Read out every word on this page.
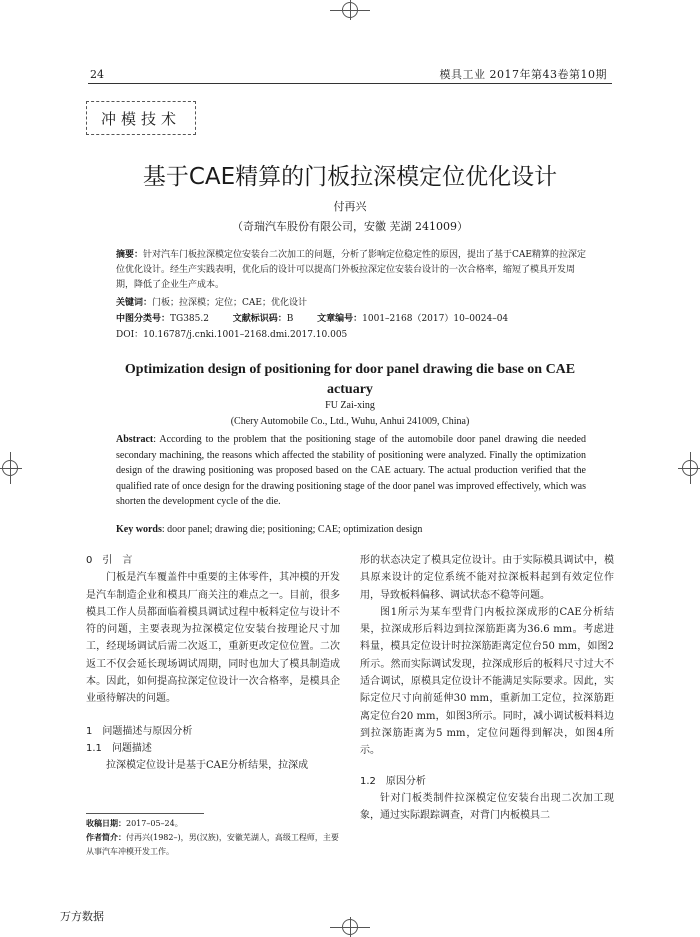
24	模具工业 2017年第43卷第10期
冲模技术
基于CAE精算的门板拉深模定位优化设计
付再兴
（奇瑞汽车股份有限公司，安徽 芜湖 241009）
摘要：针对汽车门板拉深模定位安装台二次加工的问题，分析了影响定位稳定性的原因，提出了基于CAE精算的拉深定位优化设计。经生产实践表明，优化后的设计可以提高门外板拉深定位安装台设计的一次合格率，缩短了模具开发周期，降低了企业生产成本。
关键词：门板；拉深模；定位；CAE；优化设计
中图分类号：TG385.2	文献标识码：B	文章编号：1001–2168（2017）10–0024–04
DOI：10.16787/j.cnki.1001–2168.dmi.2017.10.005
Optimization design of positioning for door panel drawing die base on CAE actuary
FU Zai-xing
(Chery Automobile Co., Ltd., Wuhu, Anhui 241009, China)
Abstract: According to the problem that the positioning stage of the automobile door panel drawing die needed secondary machining, the reasons which affected the stability of positioning were analyzed. Finally the optimization design of the drawing positioning was proposed based on the CAE actuary. The actual production verified that the qualified rate of once design for the drawing positioning stage of the door panel was improved effectively, which was shorten the development cycle of the die.
Key words: door panel; drawing die; positioning; CAE; optimization design

0　引　言

门板是汽车覆盖件中重要的主体零件，其冲模的开发是汽车制造企业和模具厂商关注的难点之一。目前，很多模具工作人员都面临着模具调试过程中板料定位与设计不符的问题，主要表现为拉深模定位安装台按理论尺寸加工，经现场调试后需二次返工，重新更改定位位置。二次返工不仅会延长现场调试周期，同时也加大了模具制造成本。因此，如何提高拉深定位设计一次合格率，是模具企业亟待解决的问题。

1　问题描述与原因分析

1.1　问题描述

拉深模定位设计是基于CAE分析结果，拉深成

收稿日期：2017–05–24。
作者简介：付再兴(1982–)，男(汉族)，安徽芜湖人，高级工程师，主要从事汽车冲模开发工作。

形的状态决定了模具定位设计。由于实际模具调试中，模具原来设计的定位系统不能对拉深板料起到有效定位作用，导致板料偏移、调试状态不稳等问题。

图1所示为某车型背门内板拉深成形的CAE分析结果，拉深成形后料边到拉深筋距离为36.6 mm。考虑进料量，模具定位设计时拉深筋距离定位台50 mm，如图2所示。然而实际调试发现，拉深成形后的板料尺寸过大不适合调试，原模具定位设计不能满足实际要求。因此，实际定位尺寸向前延伸30 mm，重新加工定位，拉深筋距离定位台20 mm，如图3所示。同时，减小调试板料料边到拉深筋距离为5 mm，定位问题得到解决，如图4所示。

1.2　原因分析

针对门板类制件拉深模定位安装台出现二次加工现象，通过实际跟踪调查，对背门内板模具二

万方数据
